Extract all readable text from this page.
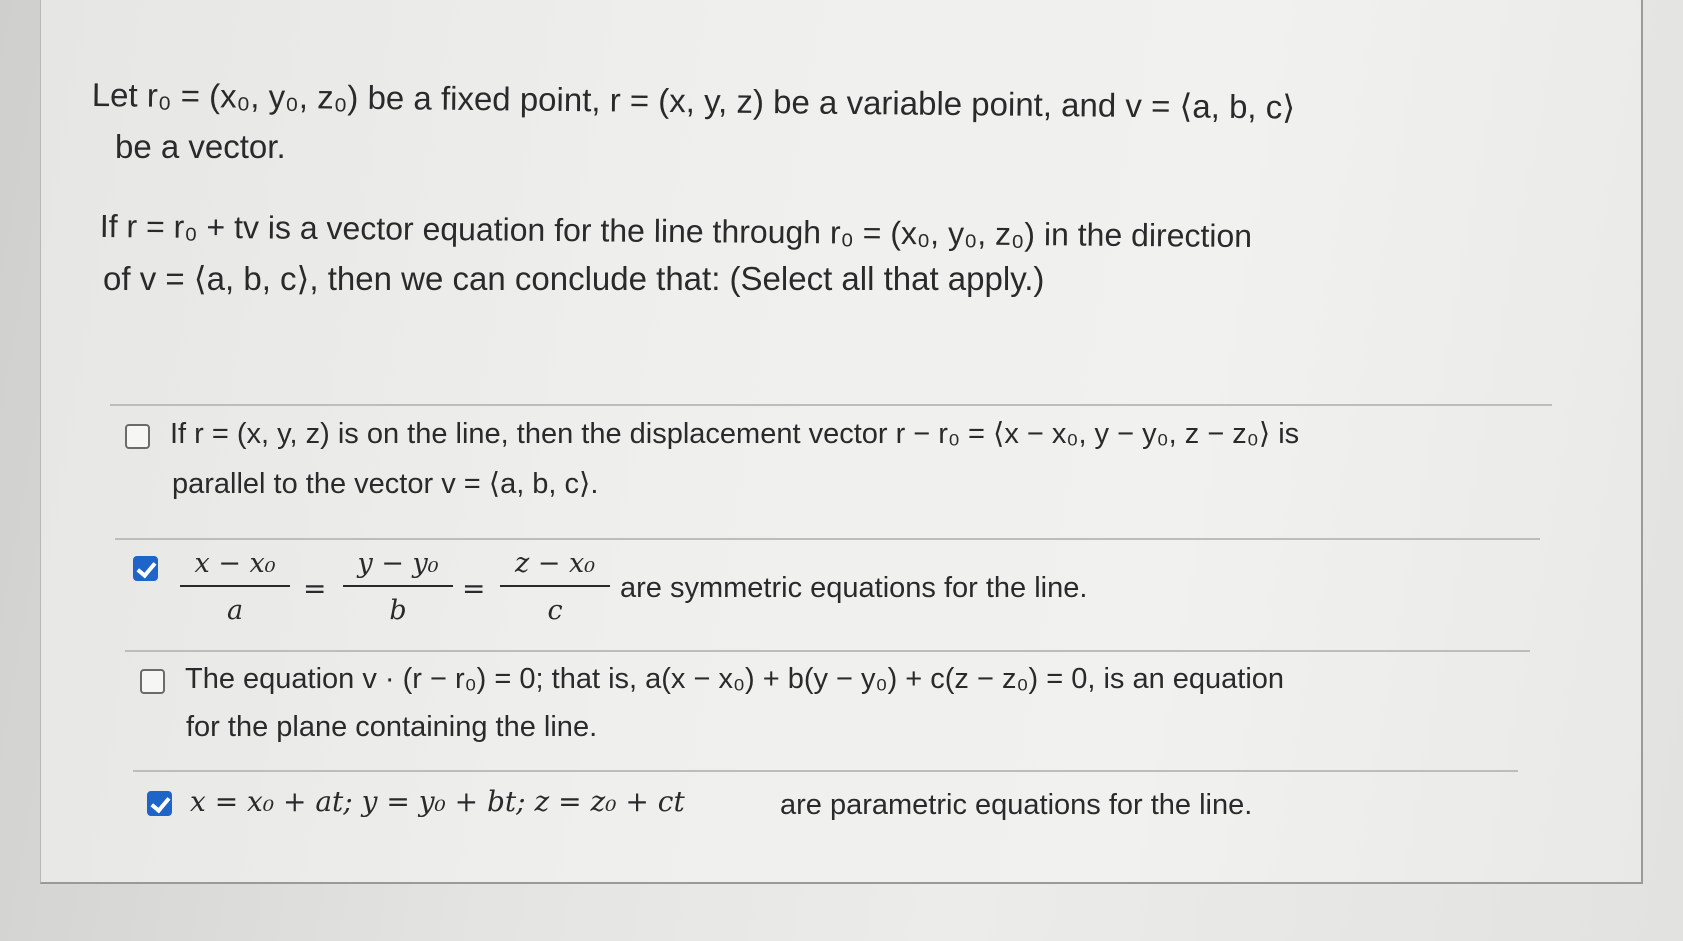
Let r₀ = (x₀, y₀, z₀) be a fixed point, r = (x, y, z) be a variable point, and v = ⟨a, b, c⟩
be a vector.
If r = r₀ + tv is a vector equation for the line through r₀ = (x₀, y₀, z₀) in the direction
of v = ⟨a, b, c⟩, then we can conclude that: (Select all that apply.)
If r = (x, y, z) is on the line, then the displacement vector r − r₀ = ⟨x − x₀, y − y₀, z − z₀⟩ is
parallel to the vector v = ⟨a, b, c⟩.
$\frac{\text{x − x₀}}{a} = \frac{\text{y − y₀}}{b} = \frac{\text{z − x₀}}{c}$ are symmetric equations for the line.
The equation v · (r − r₀) = 0; that is, a(x − x₀) + b(y − y₀) + c(z − z₀) = 0, is an equation
for the plane containing the line.
x = x₀ + at; y = y₀ + bt; z = z₀ + ct	are parametric equations for the line.
